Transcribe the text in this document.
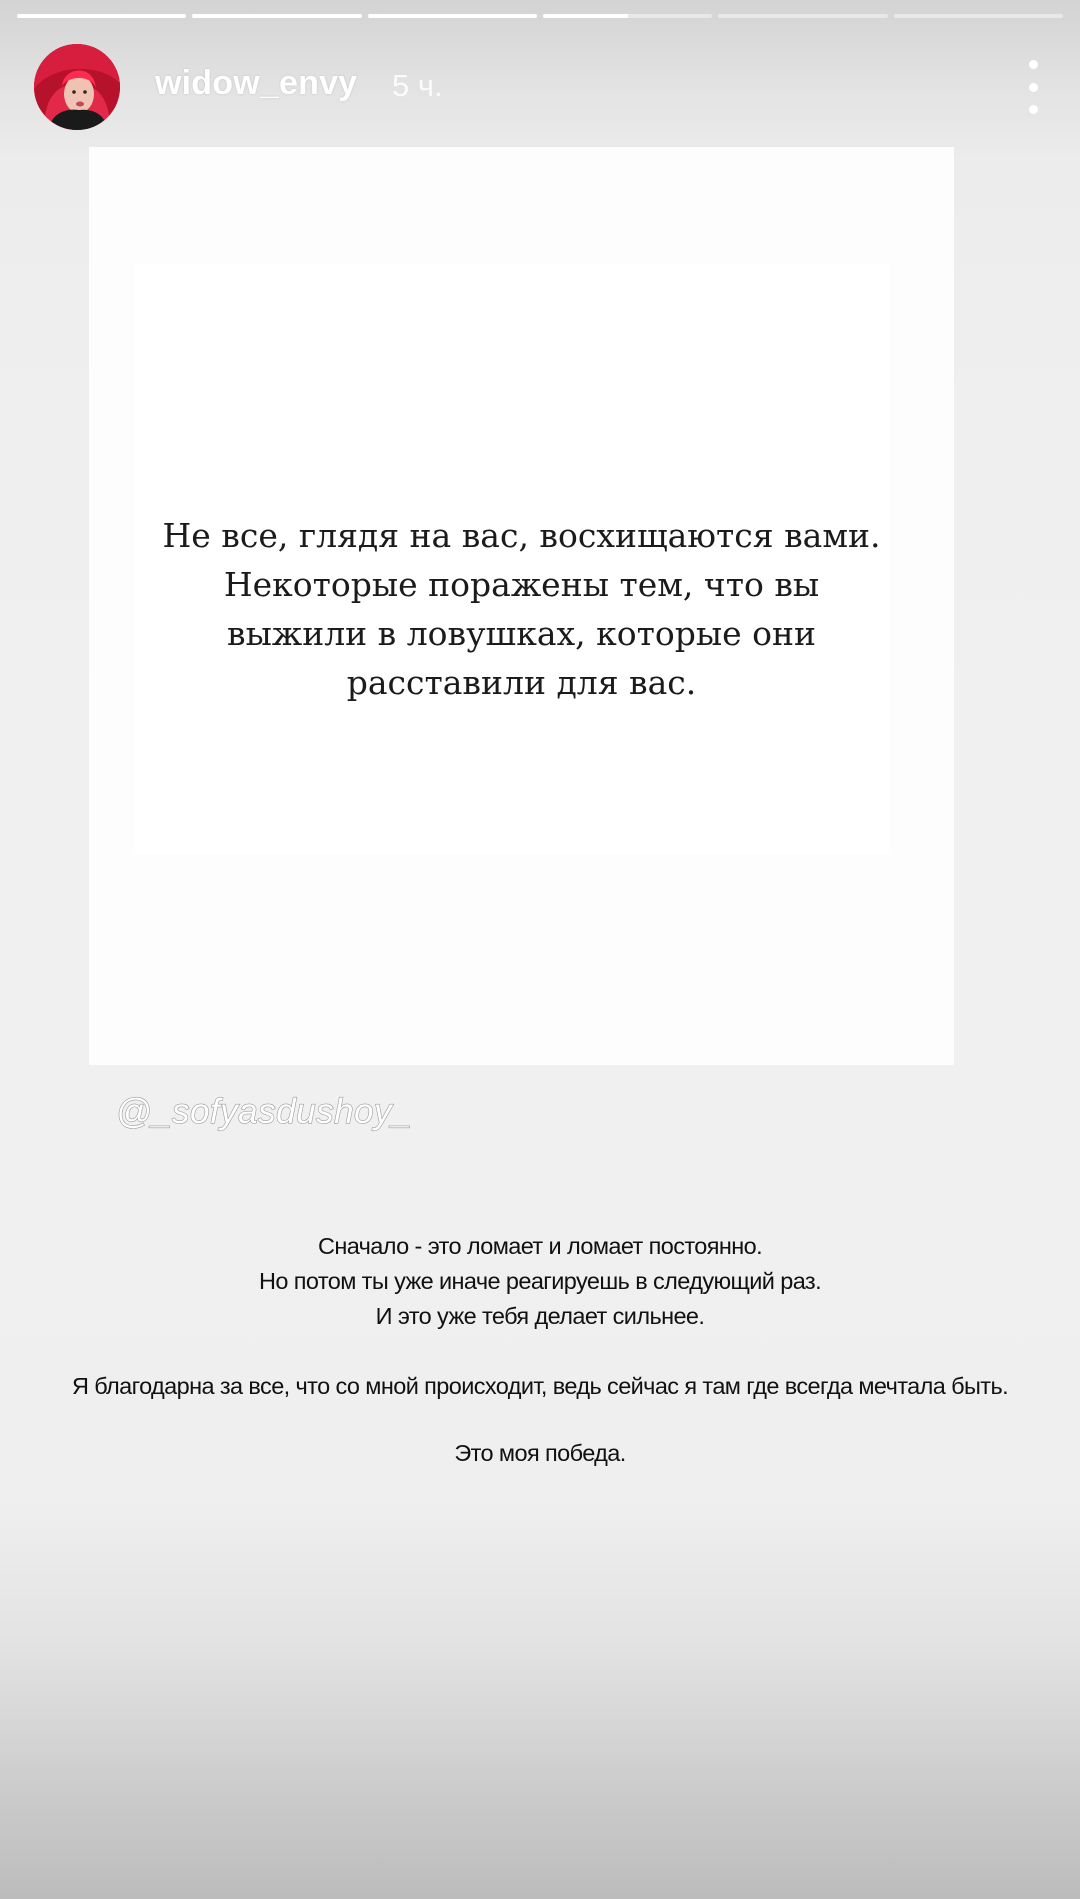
widow_envy 5 ч.
Не все, глядя на вас, восхищаются вами.
Некоторые поражены тем, что вы
выжили в ловушках, которые они
расставили для вас.
@_sofyasdushoy_
Сначало - это ломает и ломает постоянно.
Но потом ты уже иначе реагируешь в следующий раз.
И это уже тебя делает сильнее.
Я благодарна за все, что со мной происходит, ведь сейчас я там где всегда мечтала быть.
Это моя победа.
